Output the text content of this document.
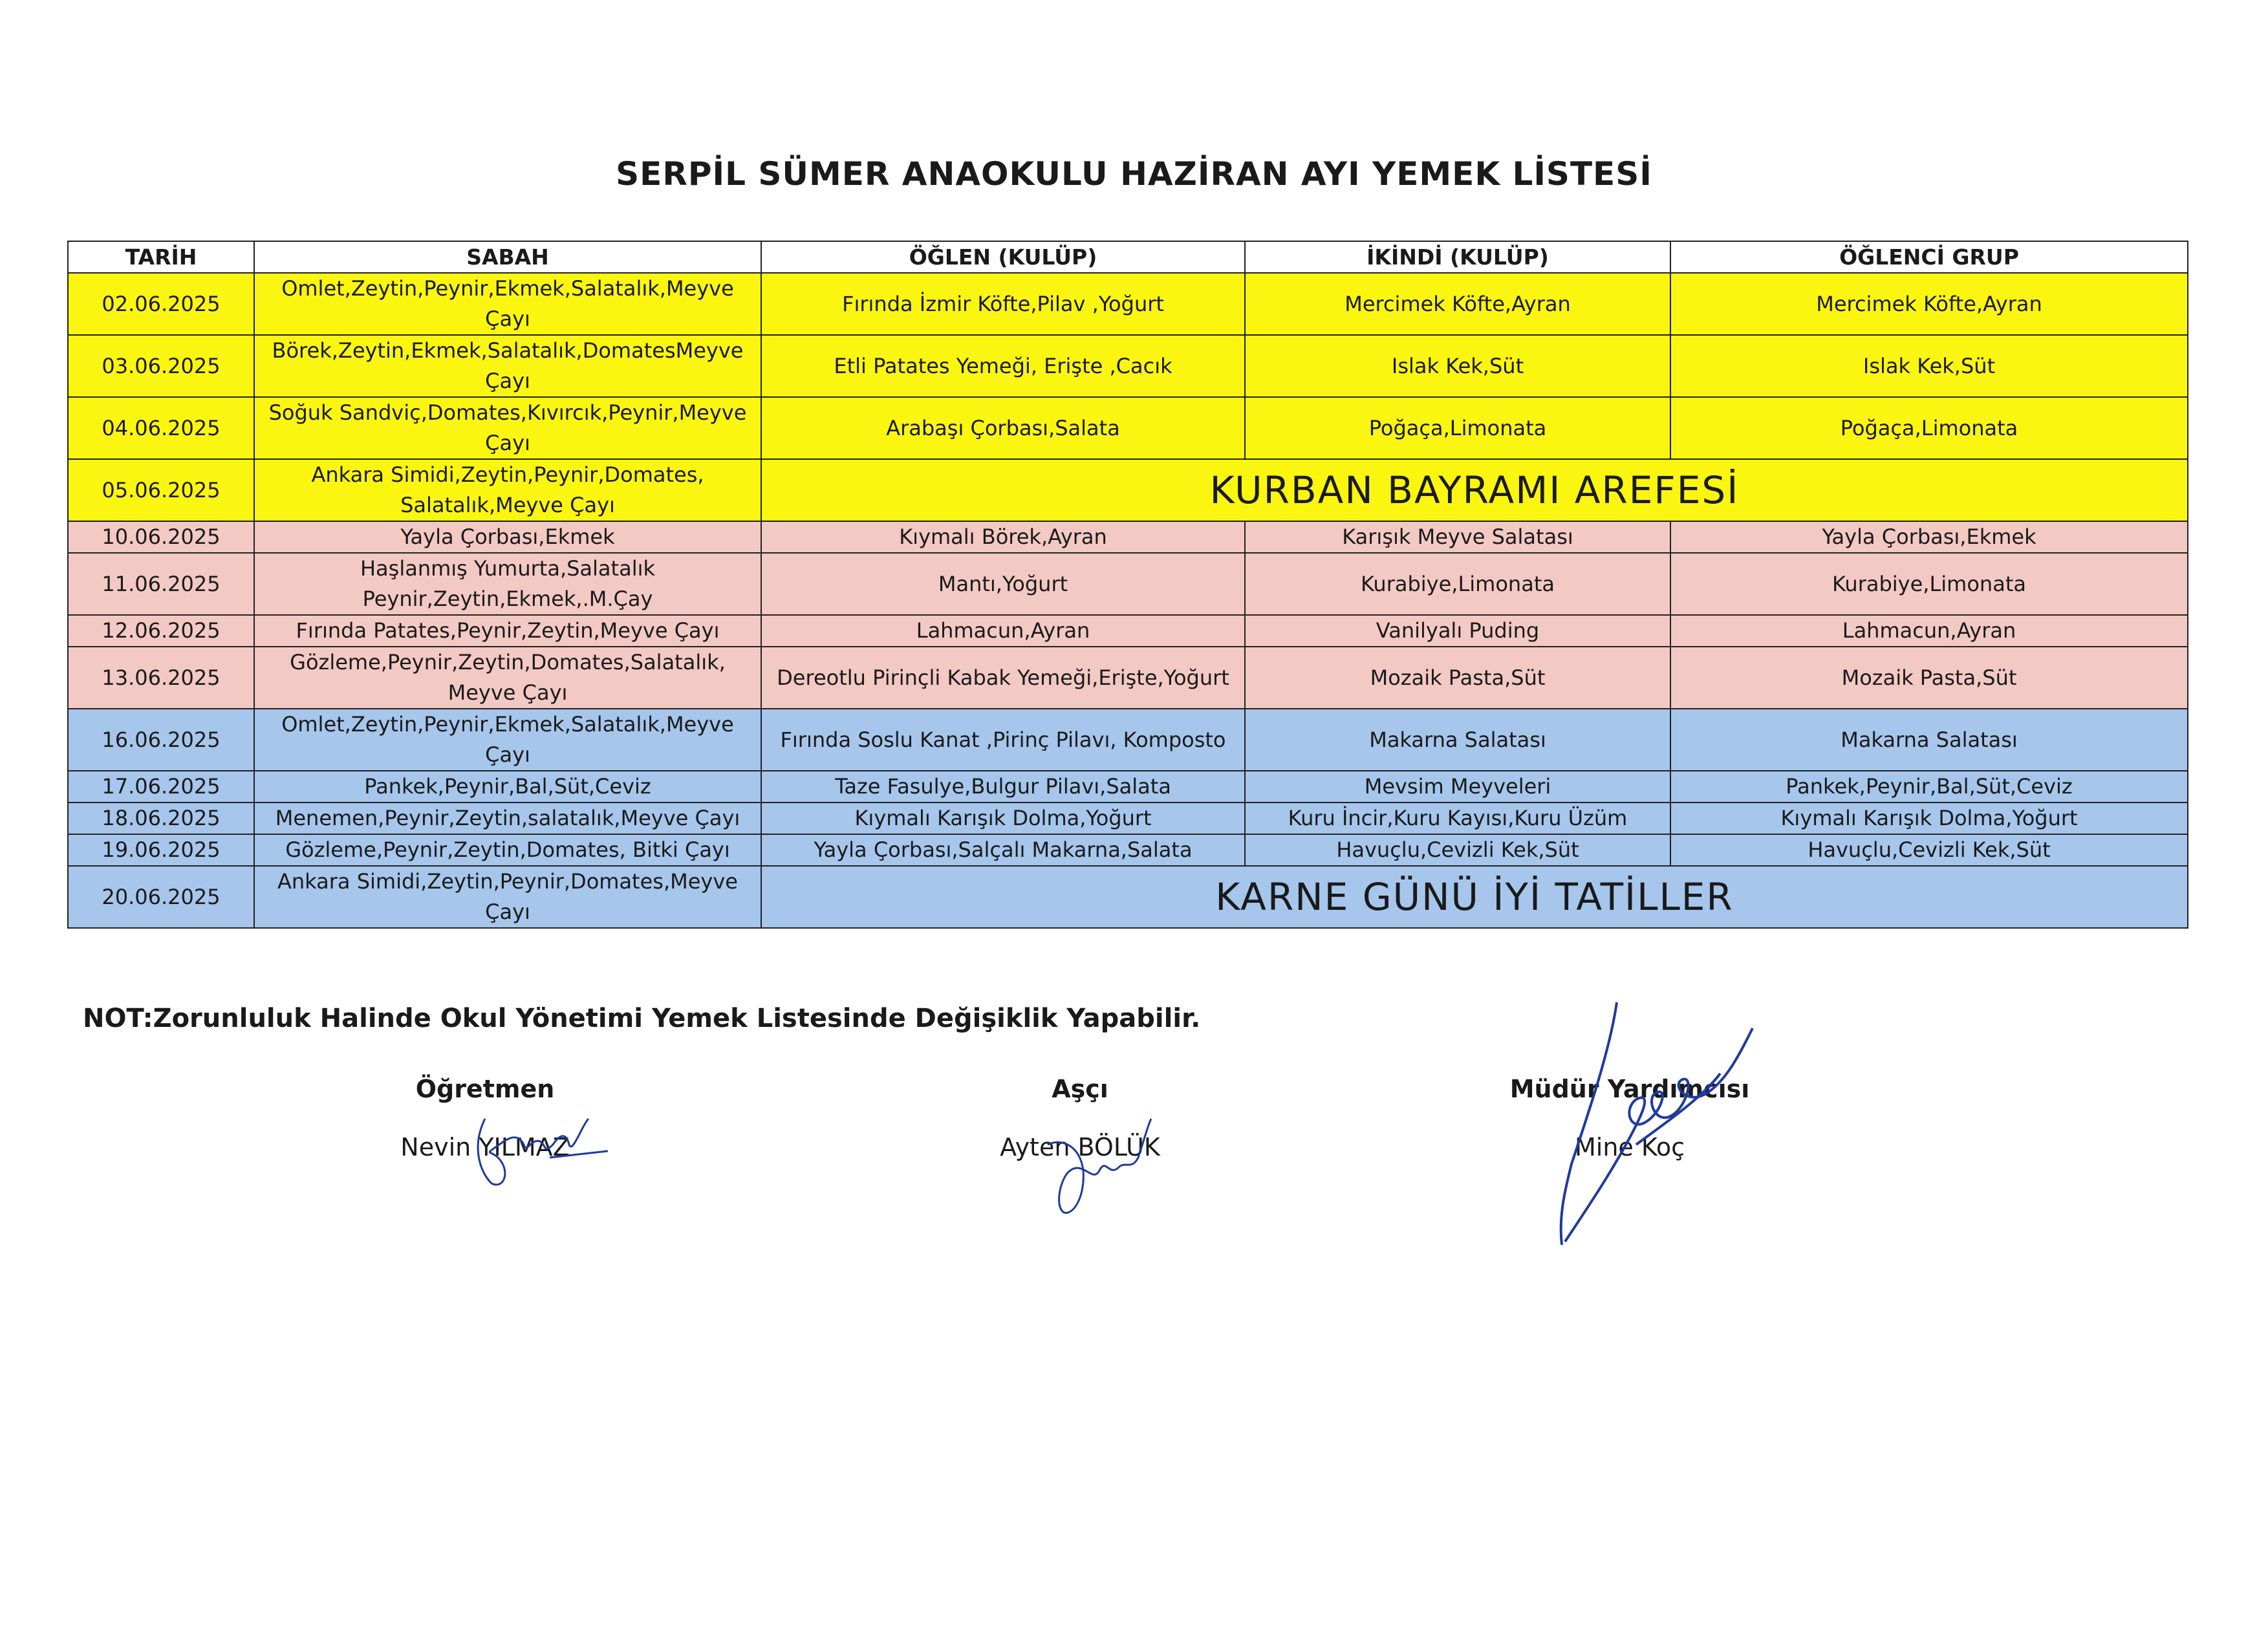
SERPİL SÜMER ANAOKULU HAZİRAN AYI YEMEK LİSTESİ
TARİH	SABAH	ÖĞLEN (KULÜP)	İKİNDİ (KULÜP)	ÖĞLENCİ GRUP
02.06.2025	Omlet,Zeytin,Peynir,Ekmek,Salatalık,Meyve Çayı	Fırında İzmir Köfte,Pilav ,Yoğurt	Mercimek Köfte,Ayran	Mercimek Köfte,Ayran
03.06.2025	Börek,Zeytin,Ekmek,Salatalık,DomatesMeyve Çayı	Etli Patates Yemeği, Erişte ,Cacık	Islak Kek,Süt	Islak Kek,Süt
04.06.2025	Soğuk Sandviç,Domates,Kıvırcık,Peynir,Meyve Çayı	Arabaşı Çorbası,Salata	Poğaça,Limonata	Poğaça,Limonata
05.06.2025	Ankara Simidi,Zeytin,Peynir,Domates, Salatalık,Meyve Çayı	KURBAN BAYRAMI AREFESİ		
10.06.2025	Yayla Çorbası,Ekmek	Kıymalı Börek,Ayran	Karışık Meyve Salatası	Yayla Çorbası,Ekmek
11.06.2025	Haşlanmış Yumurta,Salatalık Peynir,Zeytin,Ekmek,.M.Çay	Mantı,Yoğurt	Kurabiye,Limonata	Kurabiye,Limonata
12.06.2025	Fırında Patates,Peynir,Zeytin,Meyve Çayı	Lahmacun,Ayran	Vanilyalı Puding	Lahmacun,Ayran
13.06.2025	Gözleme,Peynir,Zeytin,Domates,Salatalık, Meyve Çayı	Dereotlu Pirinçli Kabak Yemeği,Erişte,Yoğurt	Mozaik Pasta,Süt	Mozaik Pasta,Süt
16.06.2025	Omlet,Zeytin,Peynir,Ekmek,Salatalık,Meyve Çayı	Fırında Soslu Kanat ,Pirinç Pilavı, Komposto	Makarna Salatası	Makarna Salatası
17.06.2025	Pankek,Peynir,Bal,Süt,Ceviz	Taze Fasulye,Bulgur Pilavı,Salata	Mevsim Meyveleri	Pankek,Peynir,Bal,Süt,Ceviz
18.06.2025	Menemen,Peynir,Zeytin,salatalık,Meyve Çayı	Kıymalı Karışık Dolma,Yoğurt	Kuru İncir,Kuru Kayısı,Kuru Üzüm	Kıymalı Karışık Dolma,Yoğurt
19.06.2025	Gözleme,Peynir,Zeytin,Domates, Bitki Çayı	Yayla Çorbası,Salçalı Makarna,Salata	Havuçlu,Cevizli Kek,Süt	Havuçlu,Cevizli Kek,Süt
20.06.2025	Ankara Simidi,Zeytin,Peynir,Domates,Meyve Çayı	KARNE GÜNÜ İYİ TATİLLER		
NOT:Zorunluluk Halinde Okul Yönetimi Yemek Listesinde Değişiklik Yapabilir.
Öğretmen
Nevin YILMAZ
Aşçı
Ayten BÖLÜK
Müdür Yardımcısı
Mine Koç
